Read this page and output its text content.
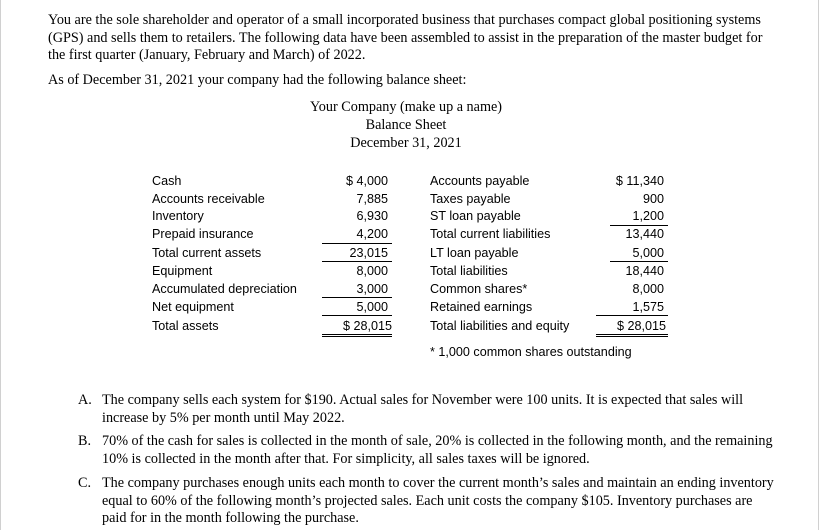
You are the sole shareholder and operator of a small incorporated business that purchases compact global positioning systems (GPS) and sells them to retailers. The following data have been assembled to assist in the preparation of the master budget for the first quarter (January, February and March) of 2022.
As of December 31, 2021 your company had the following balance sheet:
Your Company (make up a name)
Balance Sheet
December 31, 2021
Cash	$ 4,000
Accounts receivable	7,885
Inventory	6,930
Prepaid insurance	4,200
Total current assets	23,015
Equipment	8,000
Accumulated depreciation	3,000
Net equipment	5,000
Total assets	$ 28,015
Accounts payable	$ 11,340
Taxes payable	900
ST loan payable	1,200
Total current liabilities	13,440
LT loan payable	5,000
Total liabilities	18,440
Common shares*	8,000
Retained earnings	1,575
Total liabilities and equity	$ 28,015
* 1,000 common shares outstanding
A. The company sells each system for $190. Actual sales for November were 100 units. It is expected that sales will increase by 5% per month until May 2022.
B. 70% of the cash for sales is collected in the month of sale, 20% is collected in the following month, and the remaining 10% is collected in the month after that. For simplicity, all sales taxes will be ignored.
C. The company purchases enough units each month to cover the current month’s sales and maintain an ending inventory equal to 60% of the following month’s projected sales. Each unit costs the company $105. Inventory purchases are paid for in the month following the purchase.
